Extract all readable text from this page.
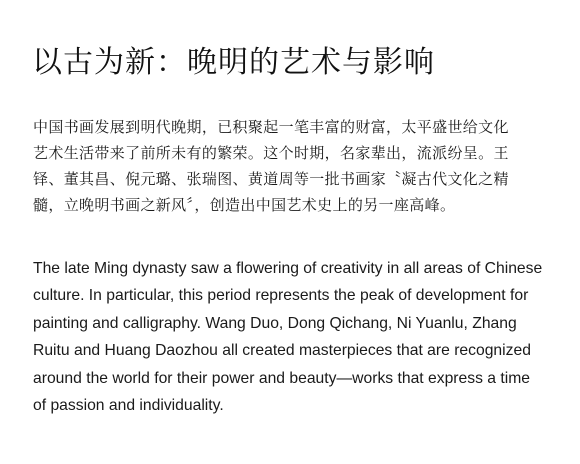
以古为新：晚明的艺术与影响

中国书画发展到明代晚期，已积聚起一笔丰富的财富，太平盛世给文化
艺术生活带来了前所未有的繁荣。这个时期，名家辈出，流派纷呈。王
铎、董其昌、倪元璐、张瑞图、黄道周等一批书画家〝凝古代文化之精
髓，立晚明书画之新风〞，创造出中国艺术史上的另一座高峰。

The late Ming dynasty saw a flowering of creativity in all areas of Chinese
culture. In particular, this period represents the peak of development for
painting and calligraphy. Wang Duo, Dong Qichang, Ni Yuanlu, Zhang
Ruitu and Huang Daozhou all created masterpieces that are recognized
around the world for their power and beauty—works that express a time
of passion and individuality.
